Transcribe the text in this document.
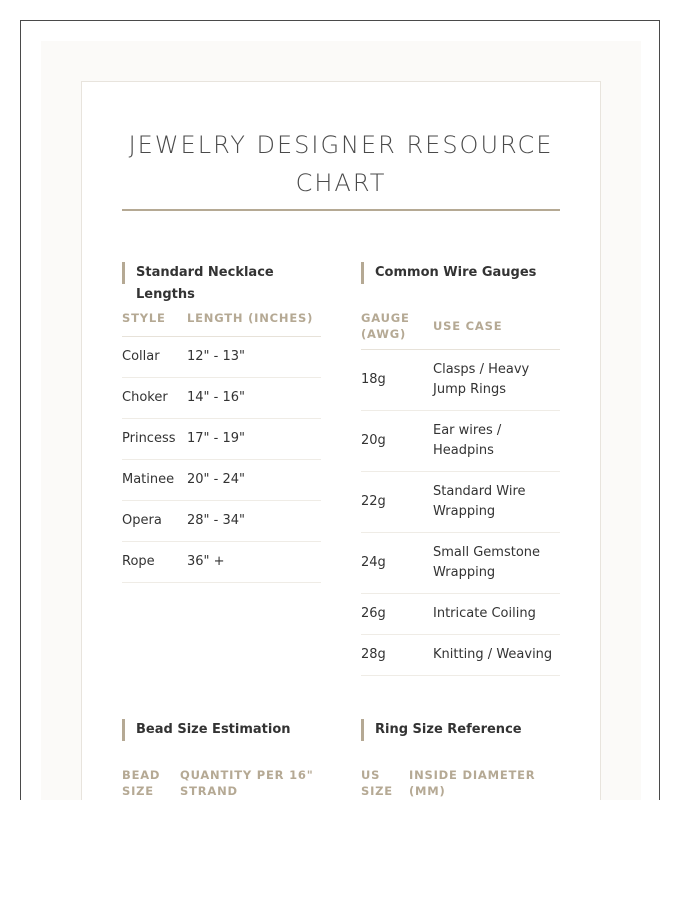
JEWELRY DESIGNER RESOURCE CHART
Standard Necklace Lengths
STYLE	LENGTH (INCHES)
Collar	12" - 13"
Choker	14" - 16"
Princess	17" - 19"
Matinee	20" - 24"
Opera	28" - 34"
Rope	36" +
Common Wire Gauges
GAUGE (AWG)	USE CASE
18g	Clasps / Heavy Jump Rings
20g	Ear wires / Headpins
22g	Standard Wire Wrapping
24g	Small Gemstone Wrapping
26g	Intricate Coiling
28g	Knitting / Weaving
Bead Size Estimation
BEAD SIZE	QUANTITY PER 16" STRAND
Ring Size Reference
US SIZE	INSIDE DIAMETER (MM)
